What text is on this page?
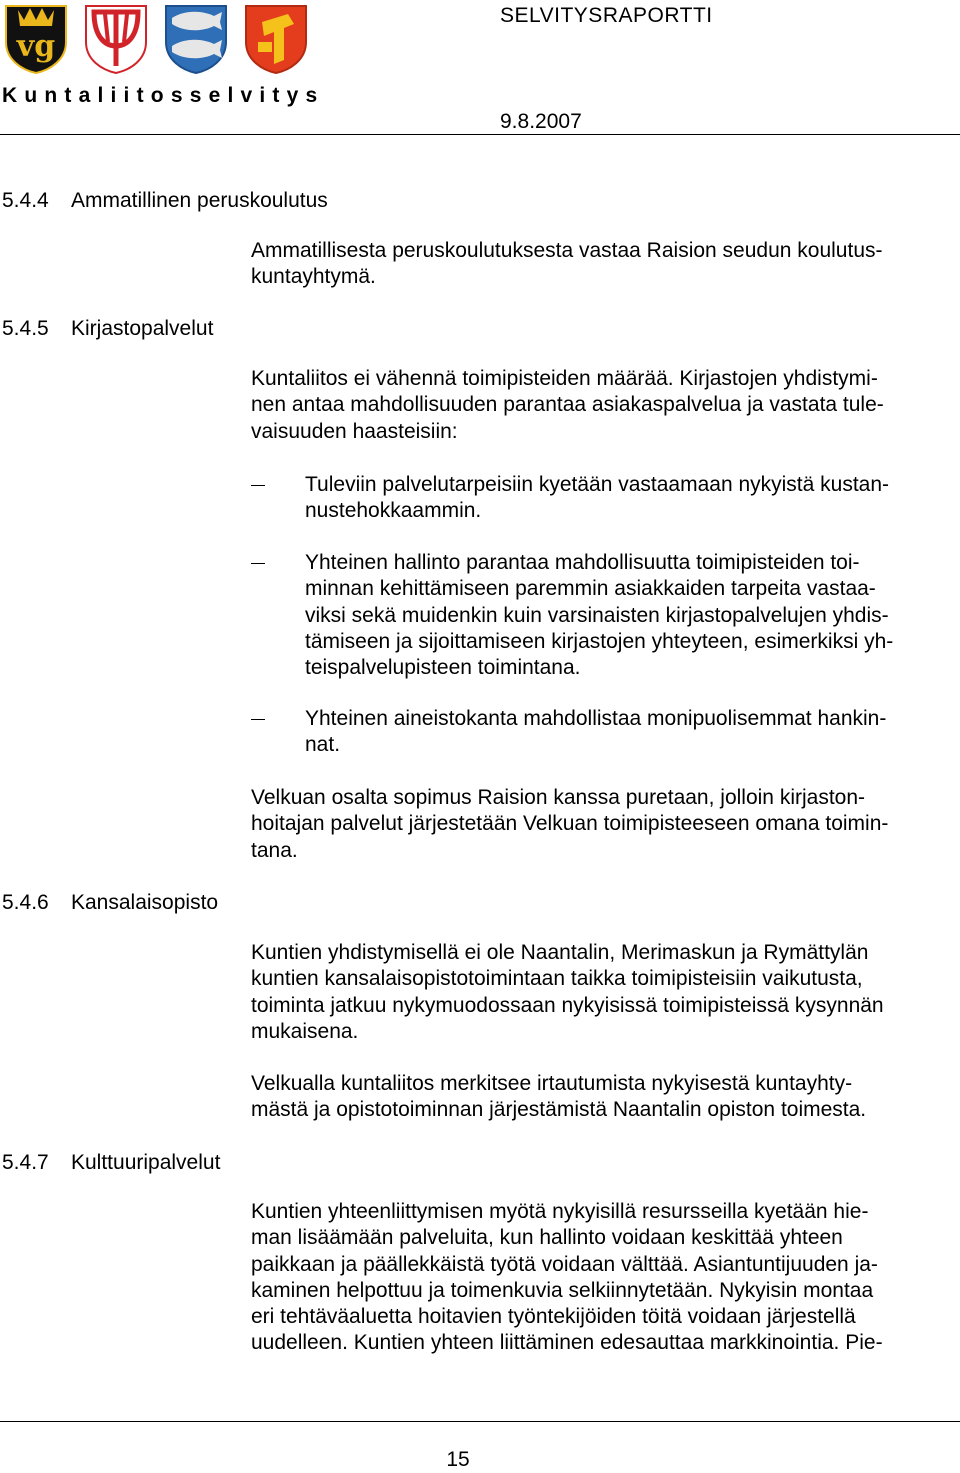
vg
SELVITYSRAPORTTI
Kuntaliitosselvitys
9.8.2007
5.4.4 Ammatillinen peruskoulutus
Ammatillisesta peruskoulutuksesta vastaa Raision seudun koulutus-
kuntayhtymä.
5.4.5 Kirjastopalvelut
Kuntaliitos ei vähennä toimipisteiden määrää. Kirjastojen yhdistymi-
nen antaa mahdollisuuden parantaa asiakaspalvelua ja vastata tule-
vaisuuden haasteisiin:
Tuleviin palvelutarpeisiin kyetään vastaamaan nykyistä kustan-
nustehokkaammin.
Yhteinen hallinto parantaa mahdollisuutta toimipisteiden toi-
minnan kehittämiseen paremmin asiakkaiden tarpeita vastaa-
viksi sekä muidenkin kuin varsinaisten kirjastopalvelujen yhdis-
tämiseen ja sijoittamiseen kirjastojen yhteyteen, esimerkiksi yh-
teispalvelupisteen toimintana.
Yhteinen aineistokanta mahdollistaa monipuolisemmat hankin-
nat.
Velkuan osalta sopimus Raision kanssa puretaan, jolloin kirjaston-
hoitajan palvelut järjestetään Velkuan toimipisteeseen omana toimin-
tana.
5.4.6 Kansalaisopisto
Kuntien yhdistymisellä ei ole Naantalin, Merimaskun ja Rymättylän
kuntien kansalaisopistotoimintaan taikka toimipisteisiin vaikutusta,
toiminta jatkuu nykymuodossaan nykyisissä toimipisteissä kysynnän
mukaisena.
Velkualla kuntaliitos merkitsee irtautumista nykyisestä kuntayhty-
mästä ja opistotoiminnan järjestämistä Naantalin opiston toimesta.
5.4.7 Kulttuuripalvelut
Kuntien yhteenliittymisen myötä nykyisillä resursseilla kyetään hie-
man lisäämään palveluita, kun hallinto voidaan keskittää yhteen
paikkaan ja päällekkäistä työtä voidaan välttää. Asiantuntijuuden ja-
kaminen helpottuu ja toimenkuvia selkiinnytetään. Nykyisin montaa
eri tehtäväaluetta hoitavien työntekijöiden töitä voidaan järjestellä
uudelleen. Kuntien yhteen liittäminen edesauttaa markkinointia. Pie-
15
